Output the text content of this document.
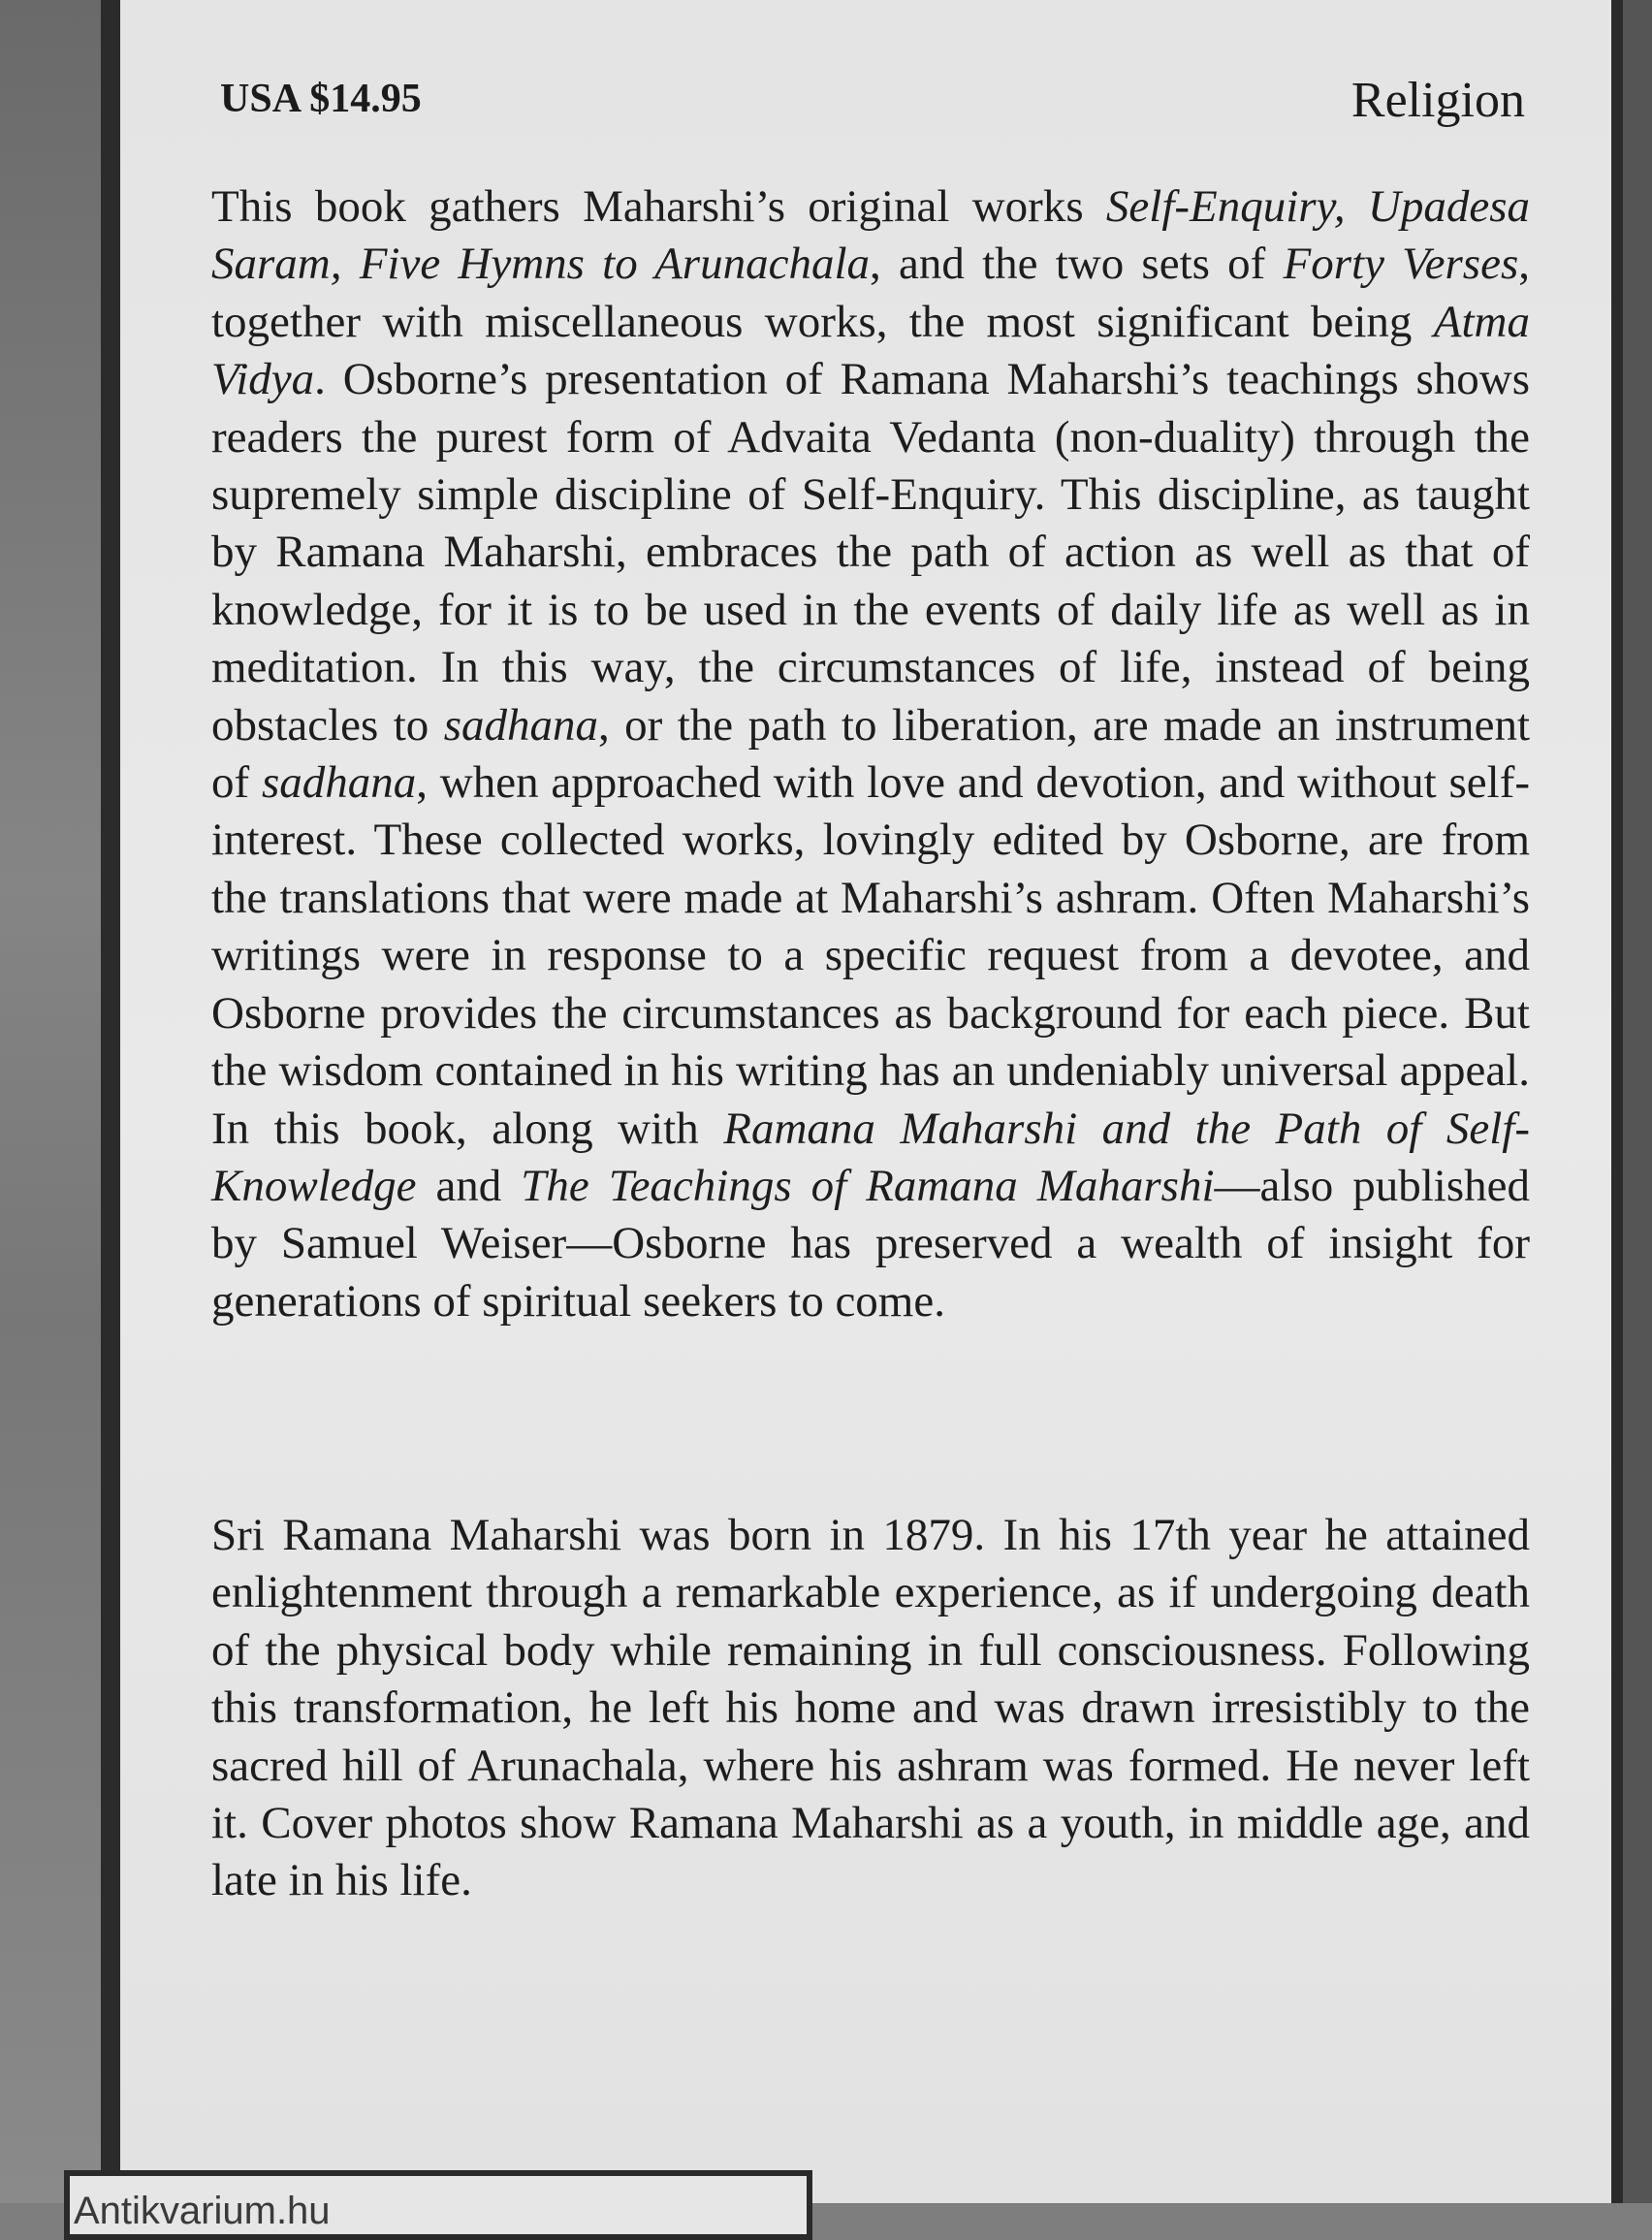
USA $14.95	Religion

This book gathers Maharshi’s original works Self-Enquiry, Upadesa Saram, Five Hymns to Arunachala, and the two sets of Forty Verses, together with miscellaneous works, the most significant being Atma Vidya. Osborne’s presentation of Ramana Maharshi’s teachings shows readers the purest form of Advaita Vedanta (non-duality) through the supremely simple discipline of Self-Enquiry. This discipline, as taught by Ramana Maharshi, embraces the path of action as well as that of knowledge, for it is to be used in the events of daily life as well as in meditation. In this way, the circumstances of life, instead of being obstacles to sadhana, or the path to liberation, are made an instrument of sadhana, when approached with love and devotion, and without self-interest. These collected works, lovingly edited by Osborne, are from the translations that were made at Maharshi’s ashram. Often Maharshi’s writings were in response to a specific request from a devotee, and Osborne provides the circumstances as background for each piece. But the wisdom contained in his writing has an undeniably universal appeal. In this book, along with Ramana Maharshi and the Path of Self-Knowledge and The Teachings of Ramana Maharshi—also published by Samuel Weiser—Osborne has preserved a wealth of insight for generations of spiritual seekers to come.

Sri Ramana Maharshi was born in 1879. In his 17th year he attained enlightenment through a remarkable experience, as if undergoing death of the physical body while remaining in full consciousness. Following this transformation, he left his home and was drawn irresistibly to the sacred hill of Arunachala, where his ashram was formed. He never left it. Cover photos show Ramana Maharshi as a youth, in middle age, and late in his life.

Antikvarium.hu
